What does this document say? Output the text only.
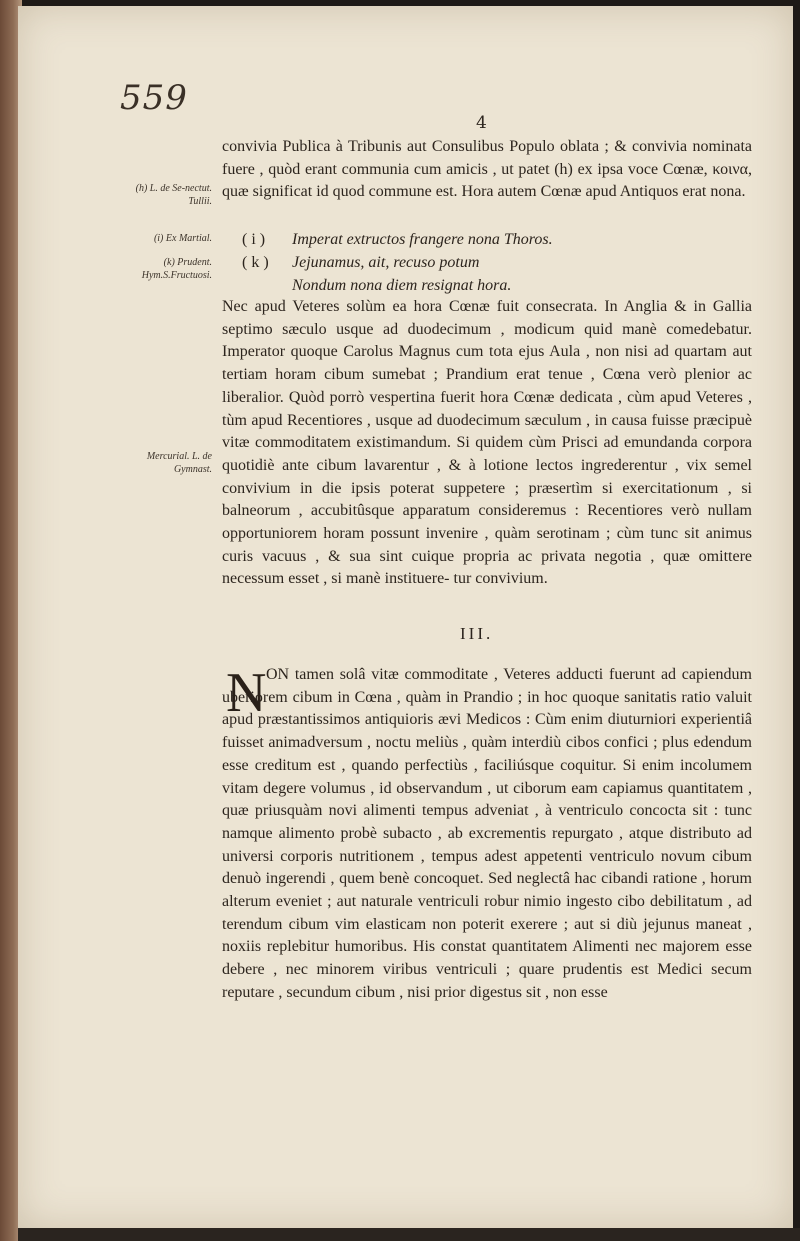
559
4
(h) L. de Se-nectut. Tullii.
(i) Ex Martial.
(k) Prudent. Hym.S.Fructuosi.
Mercurial. L. de Gymnast.

convivia Publica à Tribunis aut Consulibus Populo oblata ; & convivia nominata fuere , quòd erant communia cum amicis , ut patet (h) ex ipsa voce Cœnæ, κοινα, quæ significat id quod commune est. Hora autem Cœnæ apud Antiquos erat nona.

( i ) Imperat extructos frangere nona Thoros.
( k ) Jejunamus, ait, recuso potum
Nondum nona diem resignat hora.

Nec apud Veteres solùm ea hora Cœnæ fuit consecrata. In Anglia & in Gallia septimo sæculo usque ad duodecimum , modicum quid manè comedebatur. Imperator quoque Carolus Magnus cum tota ejus Aula , non nisi ad quartam aut tertiam horam cibum sumebat ; Prandium erat tenue , Cœna verò plenior ac liberalior. Quòd porrò vespertina fuerit hora Cœnæ dedicata , cùm apud Veteres , tùm apud Recentiores , usque ad duodecimum sæculum , in causa fuisse præcipuè vitæ commoditatem existimandum. Si quidem cùm Prisci ad emundanda corpora quotidiè ante cibum lavarentur , & à lotione lectos ingrederentur , vix semel convivium in die ipsis poterat suppetere ; præsertìm si exercitationum , si balneorum , accubitûsque apparatum consideremus : Recentiores verò nullam opportuniorem horam possunt invenire , quàm serotinam ; cùm tunc sit animus curis vacuus , & sua sint cuique propria ac privata negotia , quæ omittere necessum esset , si manè instituere- tur convivium.

III.
N ON tamen solâ vitæ commoditate , Veteres adducti fuerunt ad capiendum uberiorem cibum in Cœna , quàm in Prandio ; in hoc quoque sanitatis ratio valuit apud præstantissimos antiquioris ævi Medicos : Cùm enim diuturniori experientiâ fuisset animadversum , noctu meliùs , quàm interdiù cibos confici ; plus edendum esse creditum est , quando perfectiùs , faciliúsque coquitur. Si enim incolumem vitam degere volumus , id observandum , ut ciborum eam capiamus quantitatem , quæ priusquàm novi alimenti tempus adveniat , à ventriculo concocta sit : tunc namque alimento probè subacto , ab excrementis repurgato , atque distributo ad universi corporis nutritionem , tempus adest appetenti ventriculo novum cibum denuò ingerendi , quem benè concoquet. Sed neglectâ hac cibandi ratione , horum alterum eveniet ; aut naturale ventriculi robur nimio ingesto cibo debilitatum , ad terendum cibum vim elasticam non poterit exerere ; aut si diù jejunus maneat , noxiis replebitur humoribus. His constat quantitatem Alimenti nec majorem esse debere , nec minorem viribus ventriculi ; quare prudentis est Medici secum reputare , secundum cibum , nisi prior digestus sit , non esse
